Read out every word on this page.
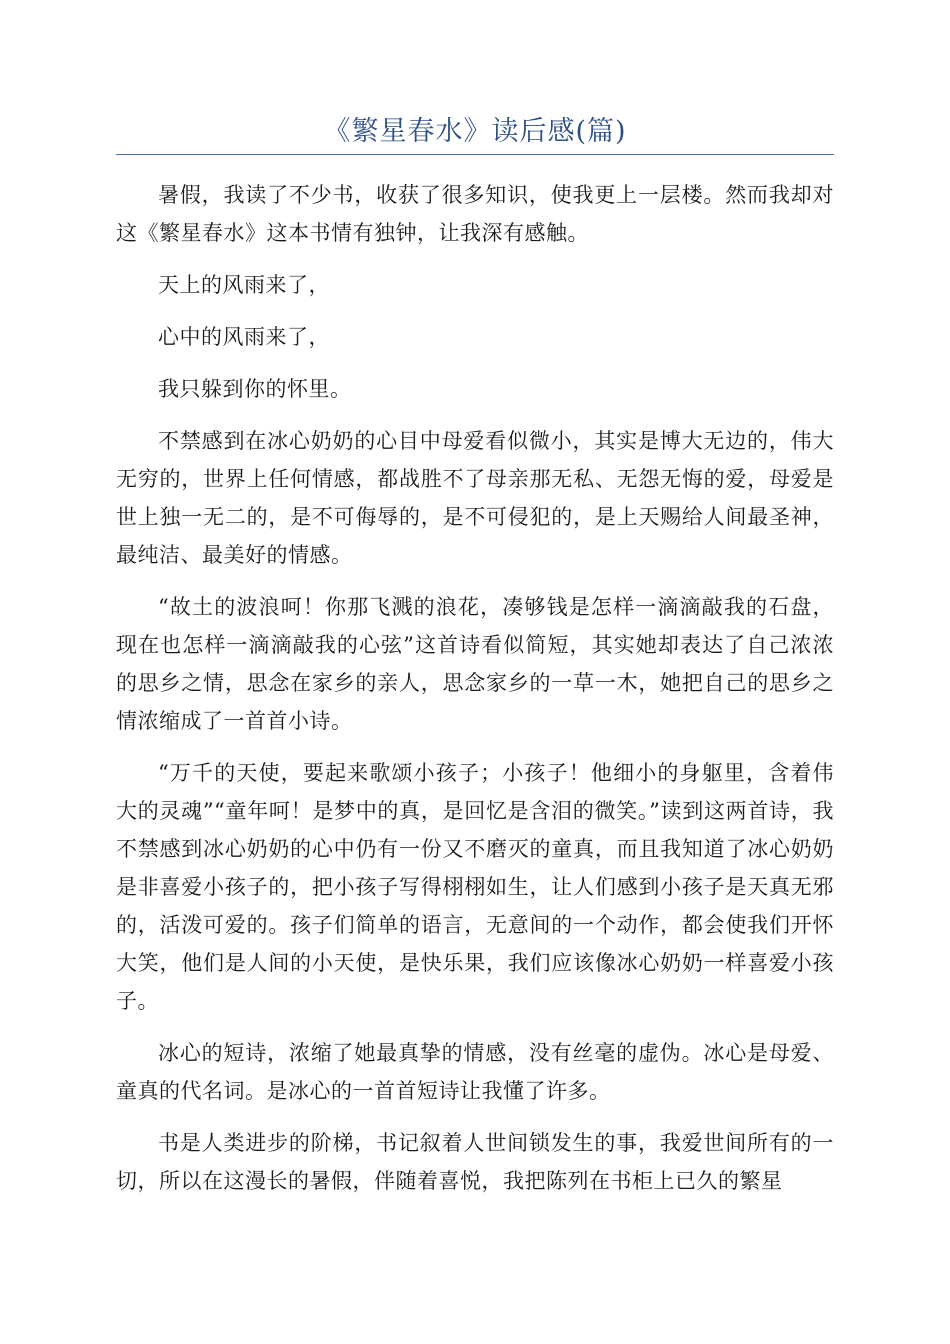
《繁星春水》读后感(篇)

暑假，我读了不少书，收获了很多知识，使我更上一层楼。然而我却对这《繁星春水》这本书情有独钟，让我深有感触。

天上的风雨来了，

心中的风雨来了，

我只躲到你的怀里。

不禁感到在冰心奶奶的心目中母爱看似微小，其实是博大无边的，伟大无穷的，世界上任何情感，都战胜不了母亲那无私、无怨无悔的爱，母爱是世上独一无二的，是不可侮辱的，是不可侵犯的，是上天赐给人间最圣神，最纯洁、最美好的情感。

“故土的波浪呵！你那飞溅的浪花，凑够钱是怎样一滴滴敲我的石盘，现在也怎样一滴滴敲我的心弦”这首诗看似简短，其实她却表达了自己浓浓的思乡之情，思念在家乡的亲人，思念家乡的一草一木，她把自己的思乡之情浓缩成了一首首小诗。

“万千的天使，要起来歌颂小孩子；小孩子！他细小的身躯里，含着伟大的灵魂”“童年呵！是梦中的真，是回忆是含泪的微笑。”读到这两首诗，我不禁感到冰心奶奶的心中仍有一份又不磨灭的童真，而且我知道了冰心奶奶是非喜爱小孩子的，把小孩子写得栩栩如生，让人们感到小孩子是天真无邪的，活泼可爱的。孩子们简单的语言，无意间的一个动作，都会使我们开怀大笑，他们是人间的小天使，是快乐果，我们应该像冰心奶奶一样喜爱小孩子。

冰心的短诗，浓缩了她最真挚的情感，没有丝毫的虚伪。冰心是母爱、童真的代名词。是冰心的一首首短诗让我懂了许多。

书是人类进步的阶梯，书记叙着人世间锁发生的事，我爱世间所有的一切，所以在这漫长的暑假，伴随着喜悦，我把陈列在书柜上已久的繁星
